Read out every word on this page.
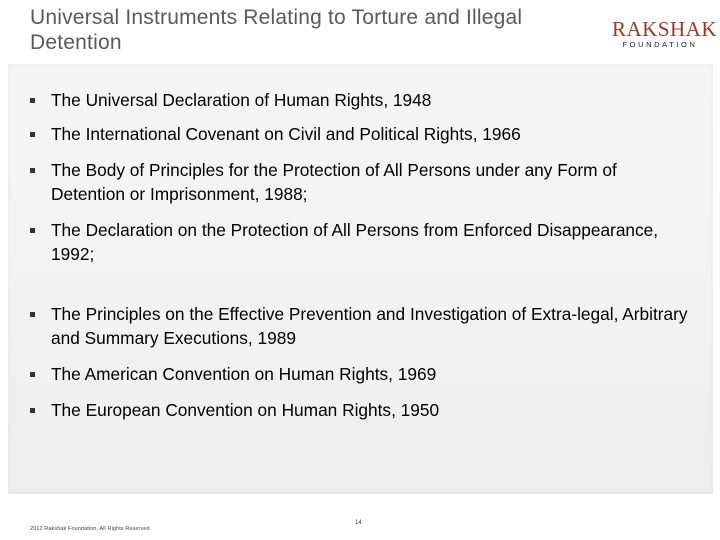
Universal Instruments Relating to Torture and Illegal Detention
RAKSHAK
FOUNDATION
The Universal Declaration of Human Rights, 1948
The International Covenant on Civil and Political Rights, 1966
The Body of Principles for the Protection of All Persons under any Form of Detention or Imprisonment, 1988;
The Declaration on the Protection of All Persons from Enforced Disappearance, 1992;
The Principles on the Effective Prevention and Investigation of Extra-legal, Arbitrary and Summary Executions, 1989
The American Convention on Human Rights, 1969
The European Convention on Human Rights, 1950
2012 Rakshak Foundation. All Rights Reserved
14
